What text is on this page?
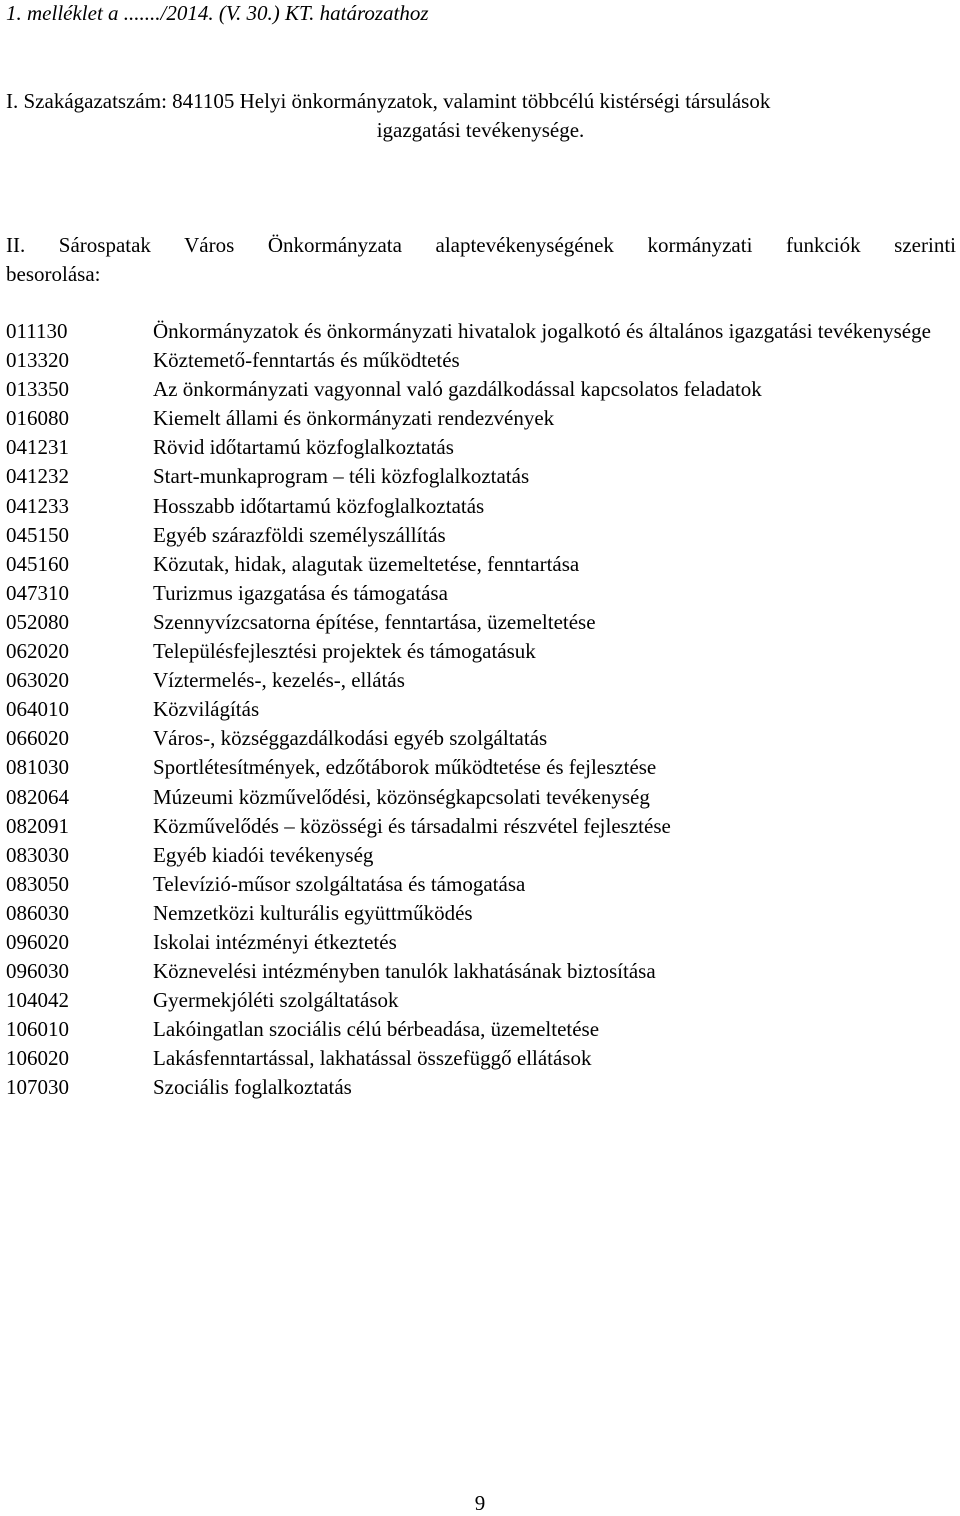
1. melléklet a ......./2014. (V. 30.) KT. határozathoz
I. Szakágazatszám: 841105 Helyi önkormányzatok, valamint többcélú kistérségi társulások
igazgatási tevékenysége.
II. Sárospatak Város Önkormányzata alaptevékenységének kormányzati funkciók szerinti
besorolása:
011130	Önkormányzatok és önkormányzati hivatalok jogalkotó és általános igazgatási tevékenysége
013320	Köztemető-fenntartás és működtetés
013350	Az önkormányzati vagyonnal való gazdálkodással kapcsolatos feladatok
016080	Kiemelt állami és önkormányzati rendezvények
041231	Rövid időtartamú közfoglalkoztatás
041232	Start-munkaprogram – téli közfoglalkoztatás
041233	Hosszabb időtartamú közfoglalkoztatás
045150	Egyéb szárazföldi személyszállítás
045160	Közutak, hidak, alagutak üzemeltetése, fenntartása
047310	Turizmus igazgatása és támogatása
052080	Szennyvízcsatorna építése, fenntartása, üzemeltetése
062020	Településfejlesztési projektek és támogatásuk
063020	Víztermelés-, kezelés-, ellátás
064010	Közvilágítás
066020	Város-, községgazdálkodási egyéb szolgáltatás
081030	Sportlétesítmények, edzőtáborok működtetése és fejlesztése
082064	Múzeumi közművelődési, közönségkapcsolati tevékenység
082091	Közművelődés – közösségi és társadalmi részvétel fejlesztése
083030	Egyéb kiadói tevékenység
083050	Televízió-műsor szolgáltatása és támogatása
086030	Nemzetközi kulturális együttműködés
096020	Iskolai intézményi étkeztetés
096030	Köznevelési intézményben tanulók lakhatásának biztosítása
104042	Gyermekjóléti szolgáltatások
106010	Lakóingatlan szociális célú bérbeadása, üzemeltetése
106020	Lakásfenntartással, lakhatással összefüggő ellátások
107030	Szociális foglalkoztatás
9
